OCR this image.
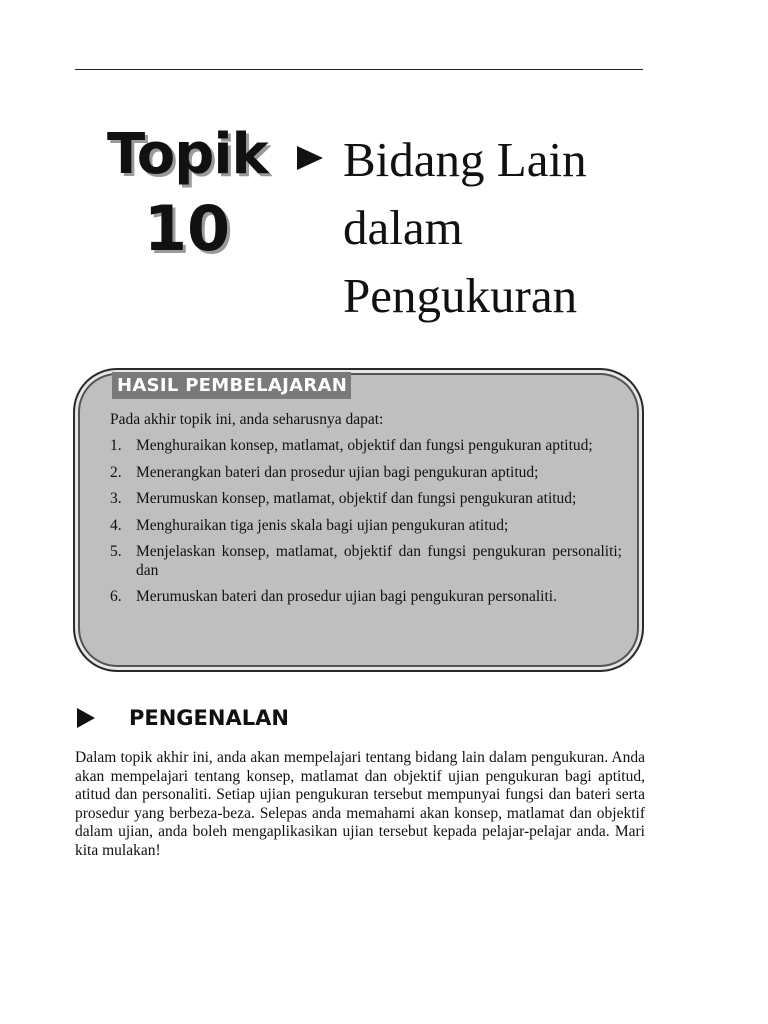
Topik
10
Bidang Lain
dalam
Pengukuran
HASIL PEMBELAJARAN
Pada akhir topik ini, anda seharusnya dapat:
1. Menghuraikan konsep, matlamat, objektif dan fungsi pengukuran aptitud;
2. Menerangkan bateri dan prosedur ujian bagi pengukuran aptitud;
3. Merumuskan konsep, matlamat, objektif dan fungsi pengukuran atitud;
4. Menghuraikan tiga jenis skala bagi ujian pengukuran atitud;
5. Menjelaskan konsep, matlamat, objektif dan fungsi pengukuran personaliti; dan
6. Merumuskan bateri dan prosedur ujian bagi pengukuran personaliti.
PENGENALAN

Dalam topik akhir ini, anda akan mempelajari tentang bidang lain dalam pengukuran. Anda akan mempelajari tentang konsep, matlamat dan objektif ujian pengukuran bagi aptitud, atitud dan personaliti. Setiap ujian pengukuran tersebut mempunyai fungsi dan bateri serta prosedur yang berbeza-beza. Selepas anda memahami akan konsep, matlamat dan objektif dalam ujian, anda boleh mengaplikasikan ujian tersebut kepada pelajar-pelajar anda. Mari kita mulakan!
